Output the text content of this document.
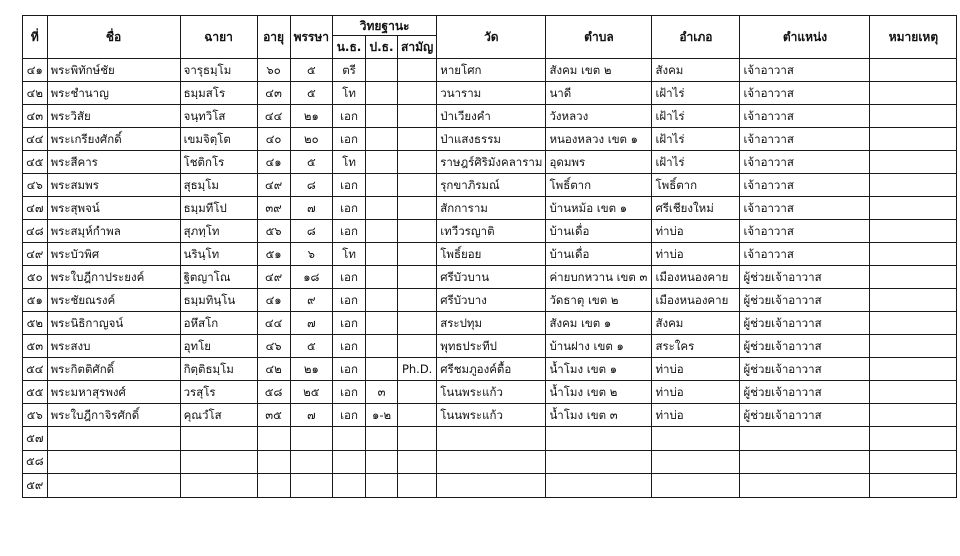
ที่	ชื่อ	ฉายา	อายุ	พรรษา	วิทยฐานะ			วัด	ตำบล	อำเภอ	ตำแหน่ง	หมายเหตุ
					น.ธ.	ป.ธ.	สามัญ					
๔๑	พระพิทักษ์ชัย	จารุธมฺโม	๖๐	๕	ตรี			หายโศก	สังคม เขต ๒	สังคม	เจ้าอาวาส	
๔๒	พระชำนาญ	ธมฺมสโร	๔๓	๕	โท			วนาราม	นาดี	เฝ้าไร่	เจ้าอาวาส	
๔๓	พระวิสัย	จนฺทวิโส	๔๔	๒๑	เอก			ป่าเวียงคำ	วังหลวง	เฝ้าไร่	เจ้าอาวาส	
๔๔	พระเกรียงศักดิ์	เขมจิตฺโต	๔๐	๒๐	เอก			ป่าแสงธรรม	หนองหลวง เขต ๑	เฝ้าไร่	เจ้าอาวาส	
๔๕	พระสีคาร	โชติกโร	๔๑	๕	โท			ราษฎร์ศิริมังคลาราม	อุดมพร	เฝ้าไร่	เจ้าอาวาส	
๔๖	พระสมพร	สุธมฺโม	๔๙	๘	เอก			รุกขาภิรมณ์	โพธิ์ตาก	โพธิ์ตาก	เจ้าอาวาส	
๔๗	พระสุพจน์	ธมฺมทีโป	๓๙	๗	เอก			สักการาม	บ้านหม้อ เขต ๑	ศรีเชียงใหม่	เจ้าอาวาส	
๔๘	พระสมุห์กำพล	สุภทฺโท	๕๖	๘	เอก			เทวีวรญาติ	บ้านเดื่อ	ท่าบ่อ	เจ้าอาวาส	
๔๙	พระบัวพิศ	นรินฺโท	๕๑	๖	โท			โพธิ์ยอย	บ้านเดื่อ	ท่าบ่อ	เจ้าอาวาส	
๕๐	พระใบฎีกาประยงค์	ฐิตญาโณ	๔๙	๑๘	เอก			ศรีบัวบาน	ค่ายบกหวาน เขต ๓	เมืองหนองคาย	ผู้ช่วยเจ้าอาวาส	
๕๑	พระชัยณรงค์	ธมฺมทินฺโน	๔๑	๙	เอก			ศรีบัวบาง	วัดธาตุ เขต ๒	เมืองหนองคาย	ผู้ช่วยเจ้าอาวาส	
๕๒	พระนิธิกาญจน์	อหึสโก	๔๔	๗	เอก			สระปทุม	สังคม เขต ๑	สังคม	ผู้ช่วยเจ้าอาวาส	
๕๓	พระสงบ	อุทโย	๔๖	๕	เอก			พุทธประทีป	บ้านฝาง เขต ๑	สระใคร	ผู้ช่วยเจ้าอาวาส	
๕๔	พระกิตติศักดิ์	กิตฺติธมฺโม	๔๒	๒๑	เอก		Ph.D.	ศรีชมภูองค์ตื้อ	น้ำโมง เขต ๑	ท่าบ่อ	ผู้ช่วยเจ้าอาวาส	
๕๕	พระมหาสุรพงศ์	วรสุโร	๕๘	๒๕	เอก	๓		โนนพระแก้ว	น้ำโมง เขต ๒	ท่าบ่อ	ผู้ช่วยเจ้าอาวาส	
๕๖	พระใบฎีกาจิรศักดิ์	คุณวํโส	๓๕	๗	เอก	๑-๒		โนนพระแก้ว	น้ำโมง เขต ๓	ท่าบ่อ	ผู้ช่วยเจ้าอาวาส	
๕๗												
๕๘												
๕๙												
